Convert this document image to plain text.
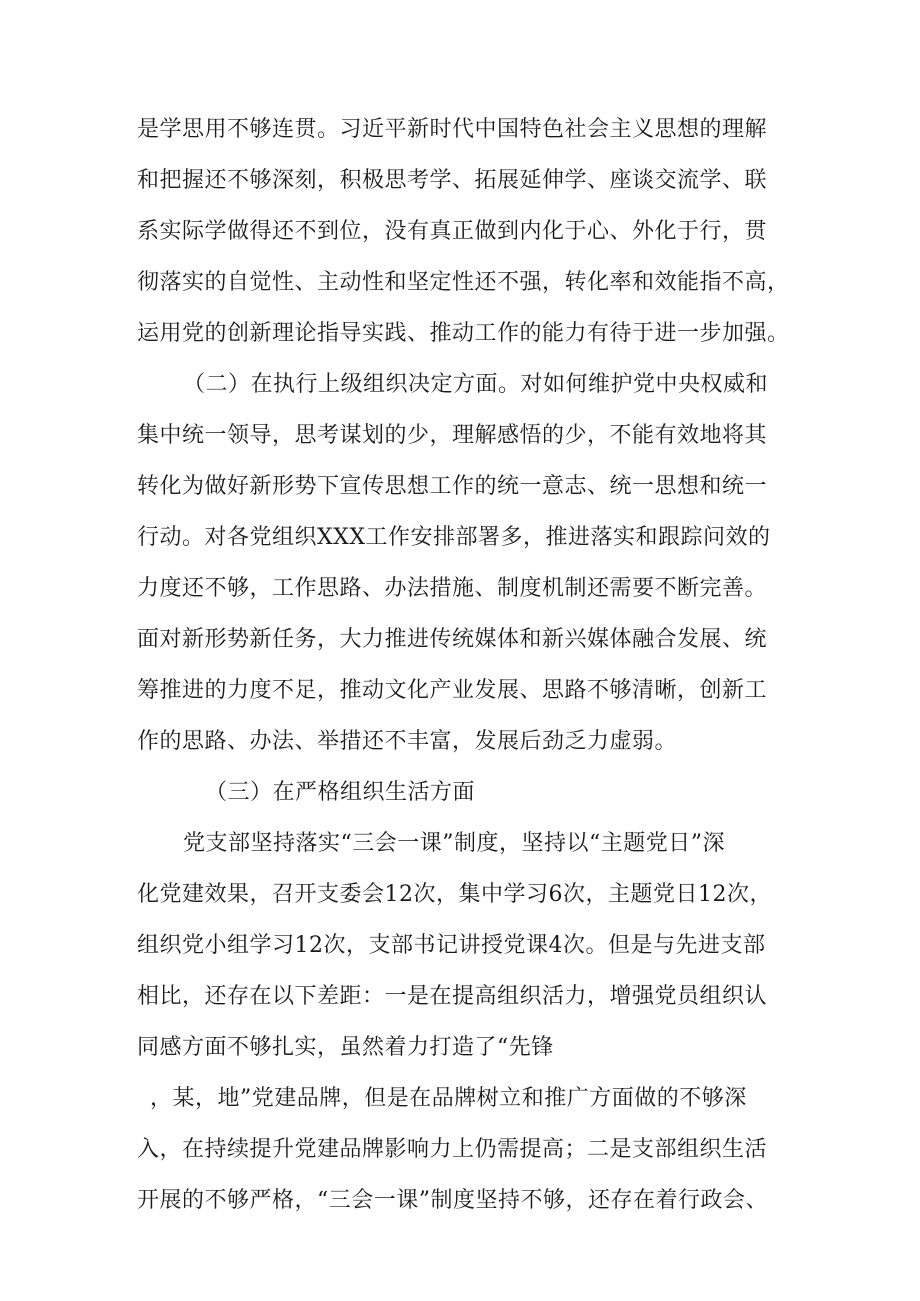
是学思用不够连贯。习近平新时代中国特色社会主义思想的理解
和把握还不够深刻，积极思考学、拓展延伸学、座谈交流学、联
系实际学做得还不到位，没有真正做到内化于心、外化于行，贯
彻落实的自觉性、主动性和坚定性还不强，转化率和效能指不高，
运用党的创新理论指导实践、推动工作的能力有待于进一步加强。
（二）在执行上级组织决定方面。对如何维护党中央权威和
集中统一领导，思考谋划的少，理解感悟的少，不能有效地将其
转化为做好新形势下宣传思想工作的统一意志、统一思想和统一
行动。对各党组织XXX工作安排部署多，推进落实和跟踪问效的
力度还不够，工作思路、办法措施、制度机制还需要不断完善。
面对新形势新任务，大力推进传统媒体和新兴媒体融合发展、统
筹推进的力度不足，推动文化产业发展、思路不够清晰，创新工
作的思路、办法、举措还不丰富，发展后劲乏力虚弱。
（三）在严格组织生活方面
党支部坚持落实“三会一课”制度，坚持以“主题党日”深
化党建效果，召开支委会12次，集中学习6次，主题党日12次，
组织党小组学习12次，支部书记讲授党课4次。但是与先进支部
相比，还存在以下差距：一是在提高组织活力，增强党员组织认
同感方面不够扎实，虽然着力打造了“先锋
，某，地”党建品牌，但是在品牌树立和推广方面做的不够深
入，在持续提升党建品牌影响力上仍需提高；二是支部组织生活
开展的不够严格，“三会一课”制度坚持不够，还存在着行政会、
